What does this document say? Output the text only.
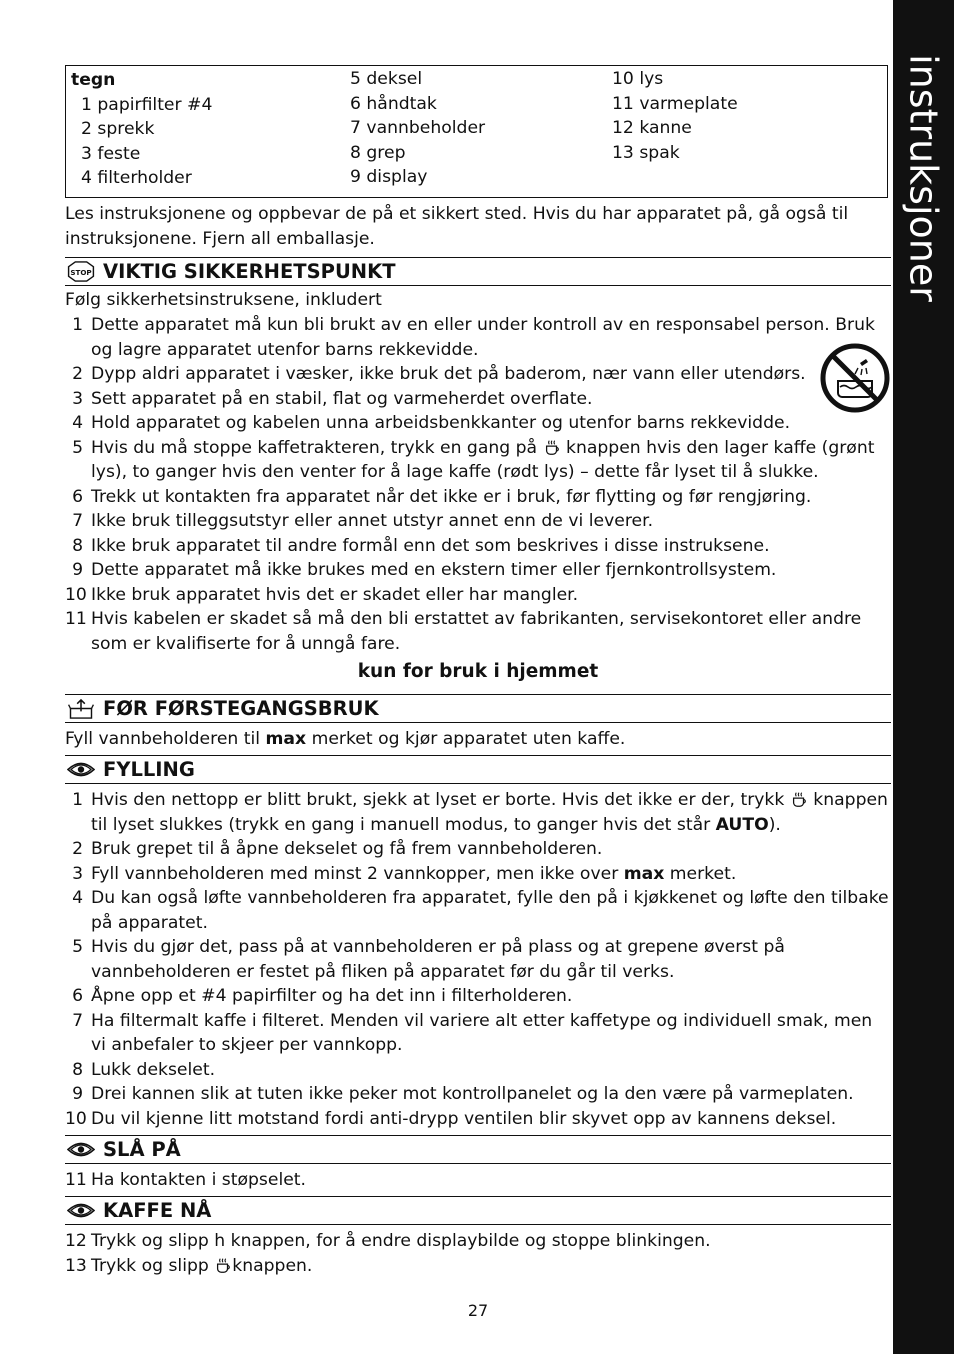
instruksjoner
tegn
1 papirfilter #4
2 sprekk
3 feste
4 filterholder
5 deksel
6 håndtak
7 vannbeholder
8 grep
9 display
10 lys
11 varmeplate
12 kanne
13 spak
Les instruksjonene og oppbevar de på et sikkert sted. Hvis du har apparatet på, gå også til instruksjonene. Fjern all emballasje.
STOP VIKTIG SIKKERHETSPUNKT
Følg sikkerhetsinstruksene, inkludert
1 Dette apparatet må kun bli brukt av en eller under kontroll av en responsabel person. Bruk og lagre apparatet utenfor barns rekkevidde.
2 Dypp aldri apparatet i væsker, ikke bruk det på baderom, nær vann eller utendørs.
3 Sett apparatet på en stabil, flat og varmeherdet overflate.
4 Hold apparatet og kabelen unna arbeidsbenkkanter og utenfor barns rekkevidde.
5 Hvis du må stoppe kaffetrakteren, trykk en gang på  knappen hvis den lager kaffe (grønt lys), to ganger hvis den venter for å lage kaffe (rødt lys) – dette får lyset til å slukke.
6 Trekk ut kontakten fra apparatet når det ikke er i bruk, før flytting og før rengjøring.
7 Ikke bruk tilleggsutstyr eller annet utstyr annet enn de vi leverer.
8 Ikke bruk apparatet til andre formål enn det som beskrives i disse instruksene.
9 Dette apparatet må ikke brukes med en ekstern timer eller fjernkontrollsystem.
10 Ikke bruk apparatet hvis det er skadet eller har mangler.
11 Hvis kabelen er skadet så må den bli erstattet av fabrikanten, servisekontoret eller andre som er kvalifiserte for å unngå fare.
kun for bruk i hjemmet
FØR FØRSTEGANGSBRUK
Fyll vannbeholderen til max merket og kjør apparatet uten kaffe.
FYLLING
1 Hvis den nettopp er blitt brukt, sjekk at lyset er borte. Hvis det ikke er der, trykk  knappen til lyset slukkes (trykk en gang i manuell modus, to ganger hvis det står AUTO).
2 Bruk grepet til å åpne dekselet og få frem vannbeholderen.
3 Fyll vannbeholderen med minst 2 vannkopper, men ikke over max merket.
4 Du kan også løfte vannbeholderen fra apparatet, fylle den på i kjøkkenet og løfte den tilbake på apparatet.
5 Hvis du gjør det, pass på at vannbeholderen er på plass og at grepene øverst på vannbeholderen er festet på fliken på apparatet før du går til verks.
6 Åpne opp et #4 papirfilter og ha det inn i filterholderen.
7 Ha filtermalt kaffe i filteret. Menden vil variere alt etter kaffetype og individuell smak, men vi anbefaler to skjeer per vannkopp.
8 Lukk dekselet.
9 Drei kannen slik at tuten ikke peker mot kontrollpanelet og la den være på varmeplaten.
10 Du vil kjenne litt motstand fordi anti-drypp ventilen blir skyvet opp av kannens deksel.
SLÅ PÅ
11 Ha kontakten i støpselet.
KAFFE NÅ
12 Trykk og slipp h knappen, for å endre displaybilde og stoppe blinkingen.
13 Trykk og slipp knappen.
27
